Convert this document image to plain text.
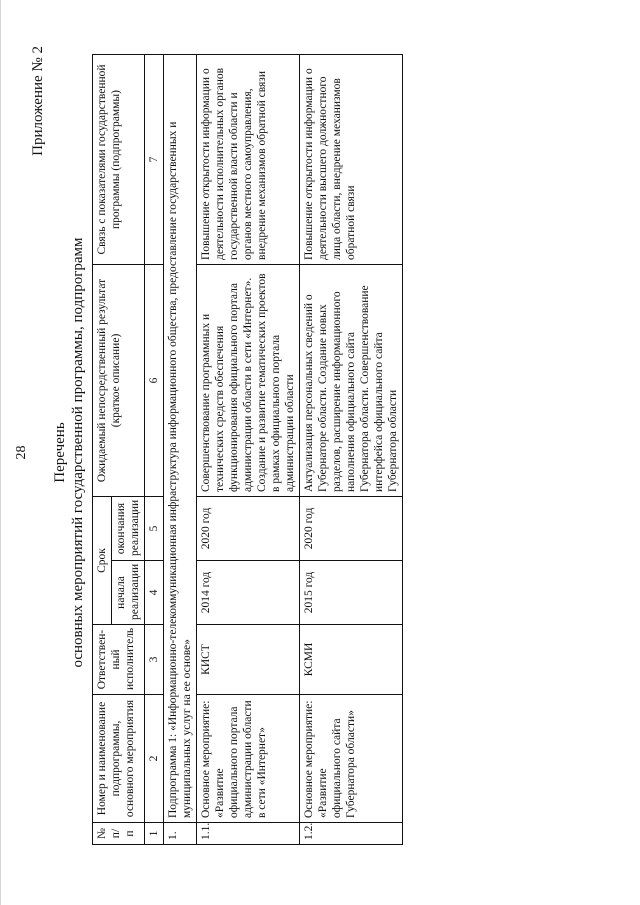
28
Приложение № 2
Перечень основных мероприятий государственной программы, подпрограмм
№ п/п	Номер и наименование подпрограммы, основного мероприятия	Ответствен-ный исполнитель	Срок		Ожидаемый непосредственный результат (краткое описание)	Связь с показателями государственной программы (подпрограммы)
			начала реализации	окончания реализации		
1	2	3	4	5	6	7
1.	Подпрограмма 1: «Информационно-телекоммуникационная инфраструктура информационного общества, предоставление государственных и муниципальных услуг на ее основе»					
1.1.	Основное мероприятие: «Развитие официального портала администрации области в сети «Интернет»	КИСТ	2014 год	2020 год	Совершенствование программных и технических средств обеспечения функционирования официального портала администрации области в сети «Интернет». Создание и развитие тематических проектов в рамках официального портала администрации области	Повышение открытости информации о деятельности исполнительных органов государственной власти области и органов местного самоуправления, внедрение механизмов обратной связи
1.2.	Основное мероприятие: «Развитие официального сайта Губернатора области»	КСМИ	2015 год	2020 год	Актуализация персональных сведений о Губернаторе области. Создание новых разделов, расширение информационного наполнения официального сайта Губернатора области. Совершенствование интерфейса официального сайта Губернатора области	Повышение открытости информации о деятельности высшего должностного лица области, внедрение механизмов обратной связи
